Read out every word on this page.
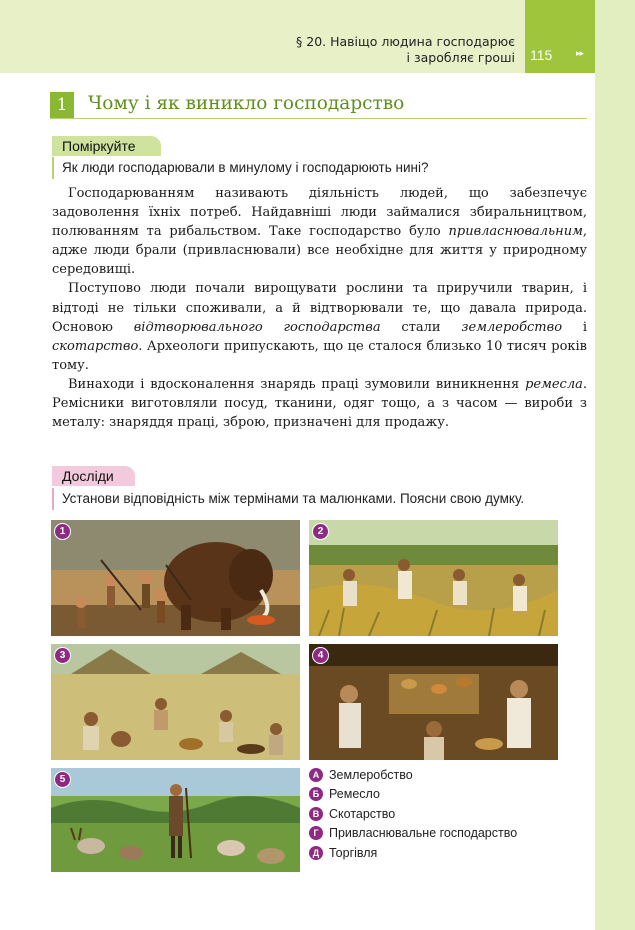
§ 20. Навіщо людина господарює
і заробляє гроші 115	▸▸
1	Чому і як виникло господарство
Поміркуйте
Як люди господарювали в минулому і господарюють нині?

Господарюванням називають діяльність людей, що забезпечує задоволення їхніх потреб. Найдавніші люди займалися збиральництвом, полюванням та рибальством. Таке господарство було привласнювальним, адже люди брали (привласнювали) все необхідне для життя у природному середовищі.

Поступово люди почали вирощувати рослини та приручили тварин, і відтоді не тільки споживали, а й відтворювали те, що давала природа. Основою відтворювального господарства стали землеробство і скотарство. Археологи припускають, що це сталося близько 10 тисяч років тому.

Винаходи і вдосконалення знарядь праці зумовили виникнення ремесла. Ремісники виготовляли посуд, тканини, одяг тощо, а з часом — вироби з металу: знаряддя праці, зброю, призначені для продажу.

Досліди
Установи відповідність між термінами та малюнками. Поясни свою думку.
1	2
3	4
5	А Землеробство
Б Ремесло
В Скотарство
Г Привласнювальне господарство
Д Торгівля
